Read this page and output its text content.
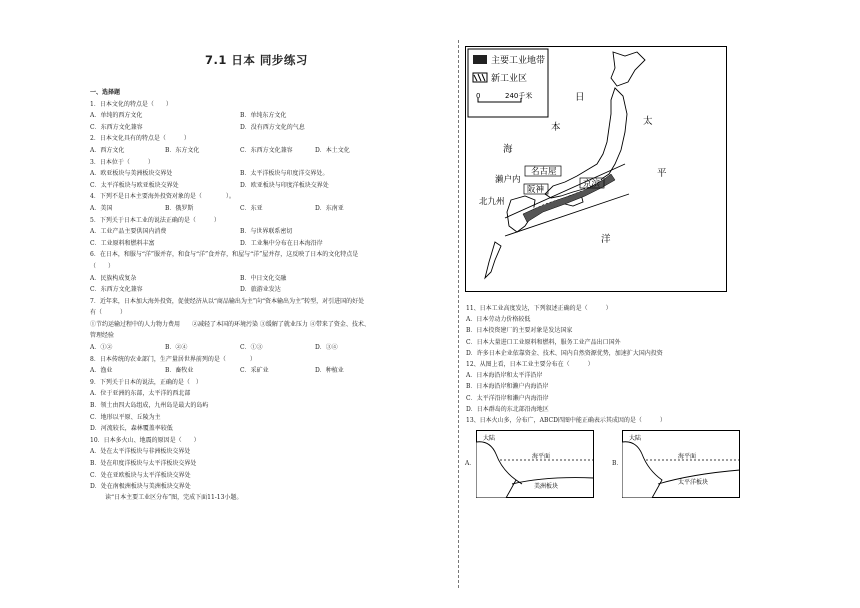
7.1 日本 同步练习
一、选择题
1．日本文化的特点是（　　）
A．单纯的西方文化	B．单纯东方文化
C．东西方文化兼容	D．没有西方文化的气息
2．日本文化具有的特点是（　　　）
A．西方文化	B．东方文化	C．东西方文化兼容	D．本土文化
3．日本位于（　　　）
A．欧亚板块与美洲板块交界处	B．太平洋板块与印度洋交界处。
C．太平洋板块与欧亚板块交界处	D．欧亚板块与印度洋板块交界处
4．下列不是日本主要海外投资对象的是（　　　　）。
A．美国	B．俄罗斯	C．东亚	D．东南亚
5．下列关于日本工业的说法正确的是（　　　）
A．工业产品主要供国内消费	B．与世界联系密切
C．工业原料和燃料丰富	D．工业集中分布在日本海沿岸
6．在日本，和服与“洋”服并存，和食与“洋”食并存，和屋与“洋”屋并存，这反映了日本的文化特点是
（　　）
A．民族构成复杂	B．中日文化交融
C．东西方文化兼容	D．旅游业发达
7．近年来，日本加大海外投资，促使经济从以“商品输出为主”向“资本输出为主”转型，对引进国的好处
有（　　　）
①节约运输过程中的人力物力费用　　②减轻了本国的环境污染 ③缓解了就业压力 ④带来了资金、技术、
管理经验
A．①②	B．②④	C．①③	D．③④
8．日本传统的农业部门，生产量居世界前列的是（　　　　）
A．渔业	B．畜牧业	C．采矿业	D．种植业
9．下列关于日本的说法，正确的是（　）
A．位于亚洲的东部，太平洋的西北部
B．领土由四大岛组成，九州岛是最大的岛屿
C．地形以平原、丘陵为主
D．河流较长，森林覆盖率较低
10．日本多火山、地震的原因是（　　）
A．处在太平洋板块与非洲板块交界处
B．处在印度洋板块与太平洋板块交界处
C．处在亚欧板块与太平洋板块交界处
D．处在南极洲板块与美洲板块交界处
读“日本主要工业区分布”图，完成下面11-13小题。
主要工业地带
新工业区
0	240千米	日
本
海
太
平
洋
名古屋
濑户内
阪神
京滨
北九州
11、日本工业高度发达，下列叙述正确的是（　　　）
A．日本劳动力价格较低
B．日本投资建厂的主要对象是发达国家
C．日本大量进口工业原料和燃料，服务工业产品出口国外
D．许多日本企业依靠资金、技术、国内自然资源优势，加速扩大国内投资
12、从图上看，日本工业主要分布在（　　　）
A．日本海沿岸和太平洋沿岸
B．日本海沿岸和濑户内海沿岸
C．太平洋沿岸和濑户内海沿岸
D．日本群岛的东北部沿海地区
13、日本火山多，分布广，ABCD四图中能正确表示其成因的是（　　　）
A．
大陆
海平面
美洲板块
B．
大陆
海平面
太平洋板块
